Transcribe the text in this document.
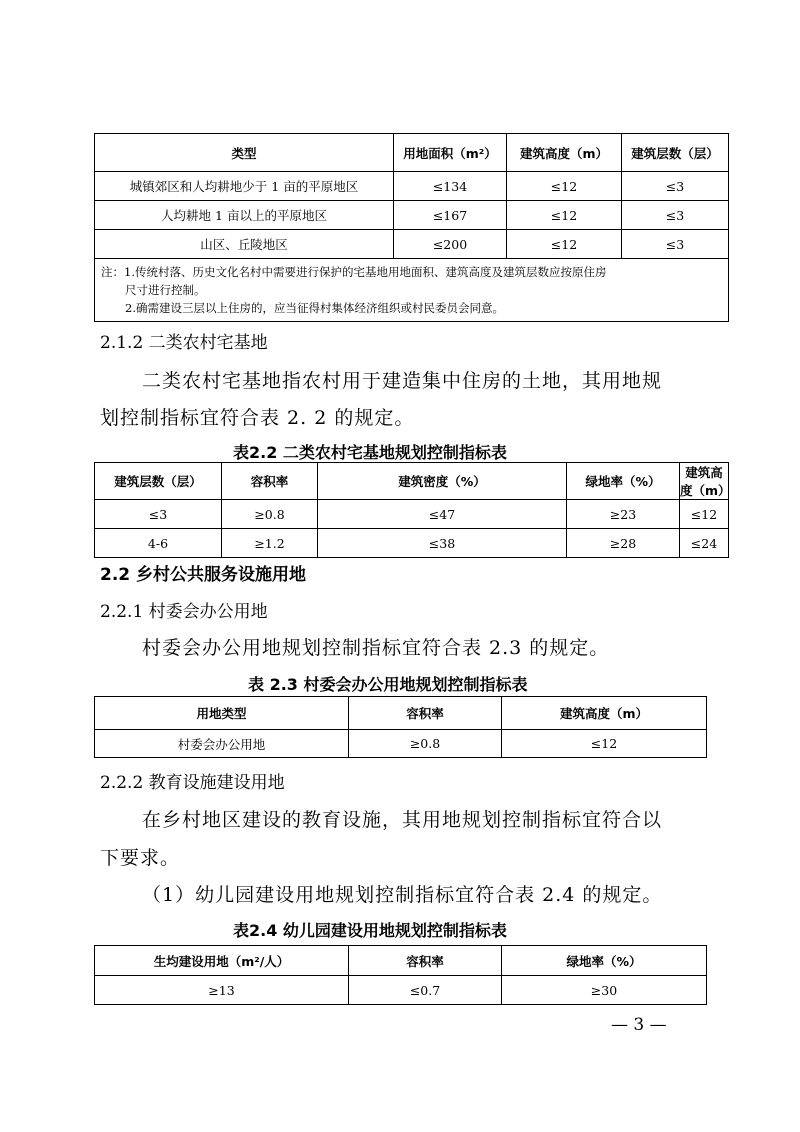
类型	用地面积（m²）	建筑高度（m）	建筑层数（层）
城镇郊区和人均耕地少于 1 亩的平原地区	≤134	≤12	≤3
人均耕地 1 亩以上的平原地区	≤167	≤12	≤3
山区、丘陵地区	≤200	≤12	≤3

注：1.传统村落、历史文化名村中需要进行保护的宅基地用地面积、建筑高度及建筑层数应按原住房
尺寸进行控制。
2.确需建设三层以上住房的，应当征得村集体经济组织或村民委员会同意。			
2.1.2 二类农村宅基地
二类农村宅基地指农村用于建造集中住房的土地，其用地规
划控制指标宜符合表 2. 2 的规定。
表2.2 二类农村宅基地规划控制指标表
建筑层数（层）	容积率	建筑密度（%）	绿地率（%）	建筑高度（m）
≤3	≥0.8	≤47	≥23	≤12
4-6	≥1.2	≤38	≥28	≤24
2.2 乡村公共服务设施用地
2.2.1 村委会办公用地
村委会办公用地规划控制指标宜符合表 2.3 的规定。
表 2.3 村委会办公用地规划控制指标表
用地类型	容积率	建筑高度（m）
村委会办公用地	≥0.8	≤12
2.2.2 教育设施建设用地
在乡村地区建设的教育设施，其用地规划控制指标宜符合以
下要求。
（1）幼儿园建设用地规划控制指标宜符合表 2.4 的规定。
表2.4 幼儿园建设用地规划控制指标表
生均建设用地（m²/人）	容积率	绿地率（%）
≥13	≤0.7	≥30
— 3 —
